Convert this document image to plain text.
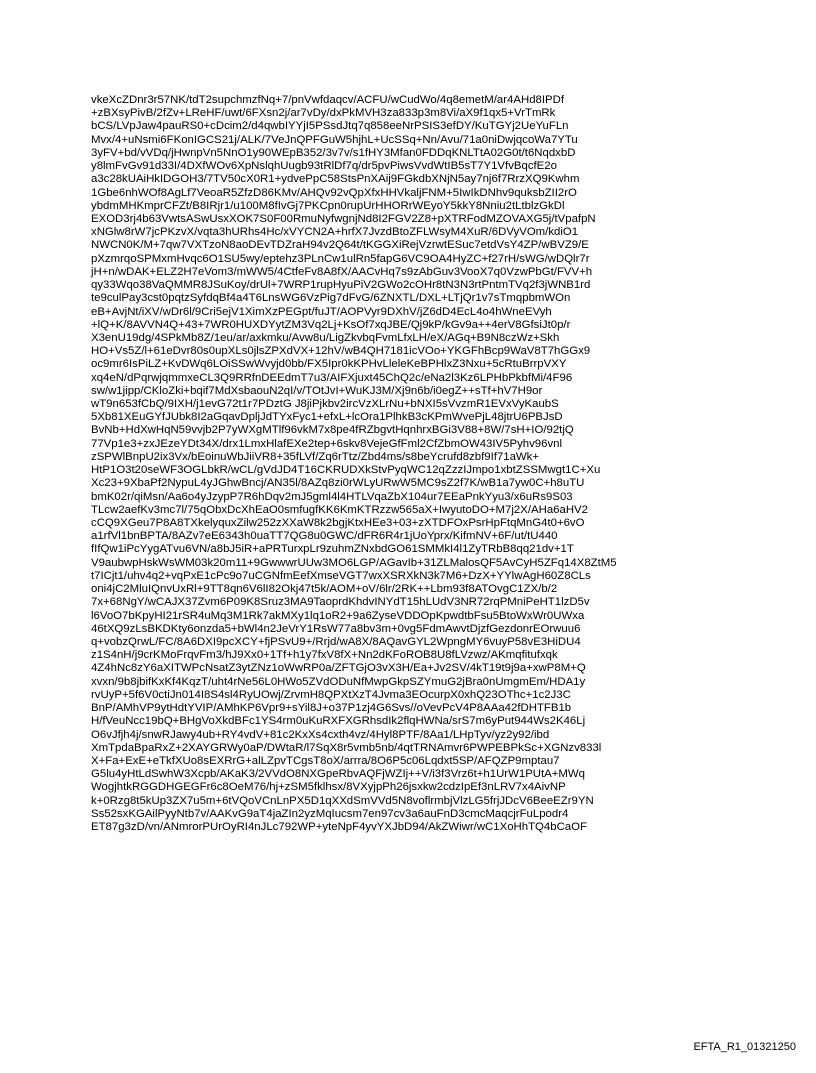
vkeXcZDnr3r57NK/tdT2supchmzfNq+7/pnVwfdaqcv/ACFU/wCudWo/4q8emetM/ar4AHd8IPDf
+zBXsyPivB/2fZv+LReHF/uwt/6FXsn2j/ar7vDy/dxPkMVH3za833p3m8Vi/aX9f1qx5+VrTmRk
bCS/LVpJaw4pauRS0+cDcim2/d4qwbIYYjI5PSsdJtq7q858eeNrPSIS3efDY/KuTGYj2UeYuFLn
Mvx/4+uNsmi6FKonIGCS21j/ALK/7VeJnQPFGuW5hjhL+UcSSq+Nn/Avu/71a0niDwjqcoWa7YTu
3yFV+bd/vVDq/jHwnpVn5NnO1y90WEpB352/3v7v/s1fHY3Mfan0FDDqKNLTtA02G0t/t6NqdxbD
y8lmFvGv91d33I/4DXfWOv6XpNslqhUugb93tRlDf7q/dr5pvPiwsVvdWtIB5sT7Y1VfvBqcfE2o
a3c28kUAiHkIDGOH3/7TV50cX0R1+ydvePpC58StsPnXAij9FGkdbXNjN5ay7nj6f7RrzXQ9Kwhm
1Gbe6nhWOf8AgLf7VeoaR5ZfzD86KMv/AHQv92vQpXfxHHVkaljFNM+5IwIkDNhv9quksbZII2rO
ybdmMHKmprCFZt/B8IRjr1/u100M8fIvGj7PKCpn0rupUrHHORrWEyoY5kkY8Nniu2tLtblzGkDl
EXOD3rj4b63VwtsASwUsxXOK7S0F00RmuNyfwgnjNd8I2FGV2Z8+pXTRFodMZOVAXG5j/tVpafpN
xNGlw8rW7jcPKzvX/vqta3hURhs4Hc/xVYCN2A+hrfX7JvzdBtoZFLWsyM4XuR/6DVyVOm/kdiO1
NWCN0K/M+7qw7VXTzoN8aoDEvTDZraH94v2Q64t/tKGGXiRejVzrwtESuc7etdVsY4ZP/wBVZ9/E
pXzmrqoSPMxmHvqc6O1SU5wy/eptehz3PLnCw1ulRn5fapG6VC9OA4HyZC+f27rH/sWG/wDQlr7r
jH+n/wDAK+ELZ2H7eVom3/mWW5/4CtfeFv8A8fX/AACvHq7s9zAbGuv3VooX7q0VzwPbGt/FVV+h
qy33Wqo38VaQMMR8JSuKoy/drUl+7WRP1rupHyuPiV2GWo2cOHr8tN3N3rtPntmTVq2f3jWNB1rd
te9culPay3cst0pqtzSyfdqBf4a4T6LnsWG6VzPig7dFvG/6ZNXTL/DXL+LTjQr1v7sTmqpbmWOn
eB+AvjNt/iXV/wDr6l/9Cri5ejV1XimXzPEGpt/fuJT/AOPVyr9DXhV/jZ6dD4EcL4o4hWneEVyh
+lQ+K/8AVVN4Q+43+7WR0HUXDYytZM3Vq2Lj+KsOf7xqJBE/Qj9kP/kGv9a++4erV8GfsiJt0p/r
X3enU19dg/4SPkMb8Z/1eu/ar/axkmku/Avw8u/LigZkvbqFvmLfxLH/eX/AGq+B9N8czWz+Skh
HO+Vs5Z/l+61eDvr80s0upXLs0jlsZPXdVX+12hV/wB4QH7181icVOo+YKGFhBcp9WaV8T7hGGx9
oc9mr6IsPiLZ+KvDWq6LOiSSwWvyjd0bb/FX5Ipr0kKPHvLleleKeBPHlxZ3Nxu+5cRtuBrrpVXY
xq4eN/dPqrwjqmmxeCL3Q9RRfnDEEdmT7u3/AIFXjuxt45ChQ2c/eNa2l3Kz6LPHbPkbfMi/4F96
sw/w1jipp/CKloZki+bqif7MdXsbaouN2qI/v/TOtJvI+WuKJ3M/Xj9n6b/i0egZ++sTf+hV7H9or
wT9n653fCbQ/9IXH/j1evG72t1r7PDztG J8jiPjkbv2ircVzXLrNu+bNXI5sVvzmR1EVxVyKaubS
5Xb81XEuGYfJUbk8I2aGqavDpljJdTYxFyc1+efxL+lcOra1PlhkB3cKPmWvePjL48jtrU6PBJsD
BvNb+HdXwHqN59vvjb2P7yWXgMTlf96vkM7x8pe4fRZbgvtHqnhrxBGi3V88+8W/7sH+IO/92tjQ
77Vp1e3+zxJEzeYDt34X/drx1LmxHlafEXe2tep+6skv8VejeGfFml2CfZbmOW43IV5Pyhv96vnl
zSPWlBnpU2ix3Vx/bEoinuWbJiiVR8+35fLVf/Zq6rTtz/Zbd4ms/s8beYcrufd8zbf9If71aWk+
HtP1O3t20seWF3OGLbkR/wCL/gVdJD4T16CKRUDXkStvPyqWC12qZzzIJmpo1xbtZSSMwgt1C+Xu
Xc23+9XbaPf2NypuL4yJGhwBncj/AN35l/8AZq8zi0rWLyURwW5MC9sZ2f7K/wB1a7yw0C+h8uTU
bmK02r/qiMsn/Aa6o4yJzypP7R6hDqv2mJ5gml4l4HTLVqaZbX104ur7EEaPnkYyu3/x6uRs9S03
TLcw2aefKv3mc7l/75qObxDcXhEaO0smfugfKK6KmKTRzzw565aX+IwyutoDO+M7j2X/AHa6aHV2
cCQ9XGeu7P8A8TXkelyquxZilw252zXXaW8k2bgjKtxHEe3+03+zXTDFOxPsrHpFtqMnG4t0+6vO
a1rfVl1bnBPTA/8AZv7eE6343h0uaTT7QG8u0GWC/dFR6R4r1jUoYprx/KifmNV+6F/ut/tU440
fIfQw1iPcYygATvu6VN/a8bJ5iR+aPRTurxpLr9zuhmZNxbdGO61SMMkI4l1ZyTRbB8qq21dv+1T
V9aubwpHskWsWM03k20m11+9GwwwrUUw3MO6LGP/AGavIb+31ZLMalosQF5AvCyH5ZFq14X8ZtM5
t7ICjt1/uhv4q2+vqPxE1cPc9o7uCGNfmEefXmseVGT7wxXSRXkN3k7M6+DzX+YYlwAgH60Z8CLs
oni4jC2MluIQnvUxRl+9TT8qn6V6lI82Okj47t5k/AOM+oV/6lr/2RK++Lbm93f8ATOvgC1ZX/b/2
7x+68NgY/wCAJX37Zvm6P09K8Sruz3MA9TaoprdKhdvINYdT15hLUdV3NR72rqPMniPeHT1lzD5v
l6VoO7bKpyHI21rSR4uMq3M1Rk7akMXy1lq1oR2+9a6ZyseVDDOpKpwdtbFsu5BtoWxWr0UWxa
46tXQ9zLsBKDKty6onzda5+bWl4n2JeVrY1RsW77a8bv3m+0vg5FdmAwvtDjzfGezdonrEOrwuu6
q+vobzQrwL/FC/8A6DXI9pcXCY+fjPSvU9+/Rrjd/wA8X/8AQavGYL2WpngMY6vuyP58vE3HiDU4
z1S4nH/j9crKMoFrqvFm3/hJ9Xx0+1Tf+h1y7fxV8fX+Nn2dKFoROB8U8fLVzwz/AKmqfitufxqk
4Z4hNc8zY6aXITWPcNsatZ3ytZNz1oWwRP0a/ZFTGjO3vX3H/Ea+Jv2SV/4kT19t9j9a+xwP8M+Q
xvxn/9b8jbifKxKf4KqzT/uht4rNe56L0HWo5ZVdODuNfMwpGkpSZYmuG2jBra0nUmgmEm/HDA1y
rvUyP+5f6V0ctiJn014I8S4sl4RyUOwj/ZrvmH8QPXtXzT4Jvma3EOcurpX0xhQ23OThc+1c2J3C
BnP/AMhVP9ytHdtYVIP/AMhKP6Vpr9+sYil8J+o37P1zj4G6Svs//oVevPcV4P8AAa42fDHTFB1b
H/fVeuNcc19bQ+BHgVoXkdBFc1YS4rm0uKuRXFXGRhsdIk2flqHWNa/srS7m6yPut944Ws2K46Lj
O6vJfjh4j/snwRJawy4ub+RY4vdV+81c2KxXs4cxth4vz/4Hyl8PTF/8Aa1/LHpTyv/yz2y92/ibd
XmTpdaBpaRxZ+2XAYGRWy0aP/DWtaR/l7SqX8r5vmb5nb/4qtTRNAmvr6PWPEBPkSc+XGNzv833l
X+Fa+ExE+eTkfXUo8sEXRrG+alLZpvTCgsT8oX/arrra/8O6P5c06Lqdxt5SP/AFQZP9mptau7
G5lu4yHtLdSwhW3Xcpb/AKaK3/2VVdO8NXGpeRbvAQFjWZIj++V/i3f3Vrz6t+h1UrW1PUtA+MWq
WogjhtkRGGDHGEGFr6c8OeM76/hj+zSM5fklhsx/8VXyjpPh26jsxkw2cdzIpEf3nLRV7x4AivNP
k+0Rzg8t5kUp3ZX7u5m+6tVQoVCnLnPX5D1qXXdSmVVd5N8voflrmbjVlzLG5frjJDcV6BeeEZr9YN
Ss52sxKGAilPyyNtb7v/AAKvG9aT4jaZIn2yzMqIucsm7en97cv3a6auFnD3cmcMaqcjrFuLpodr4
ET87g3zD/vn/ANmrorPUrOyRI4nJLc792WP+yteNpF4yvYXJbD94/AkZWiwr/wC1XoHhTQ4bCaOF
EFTA_R1_01321250
